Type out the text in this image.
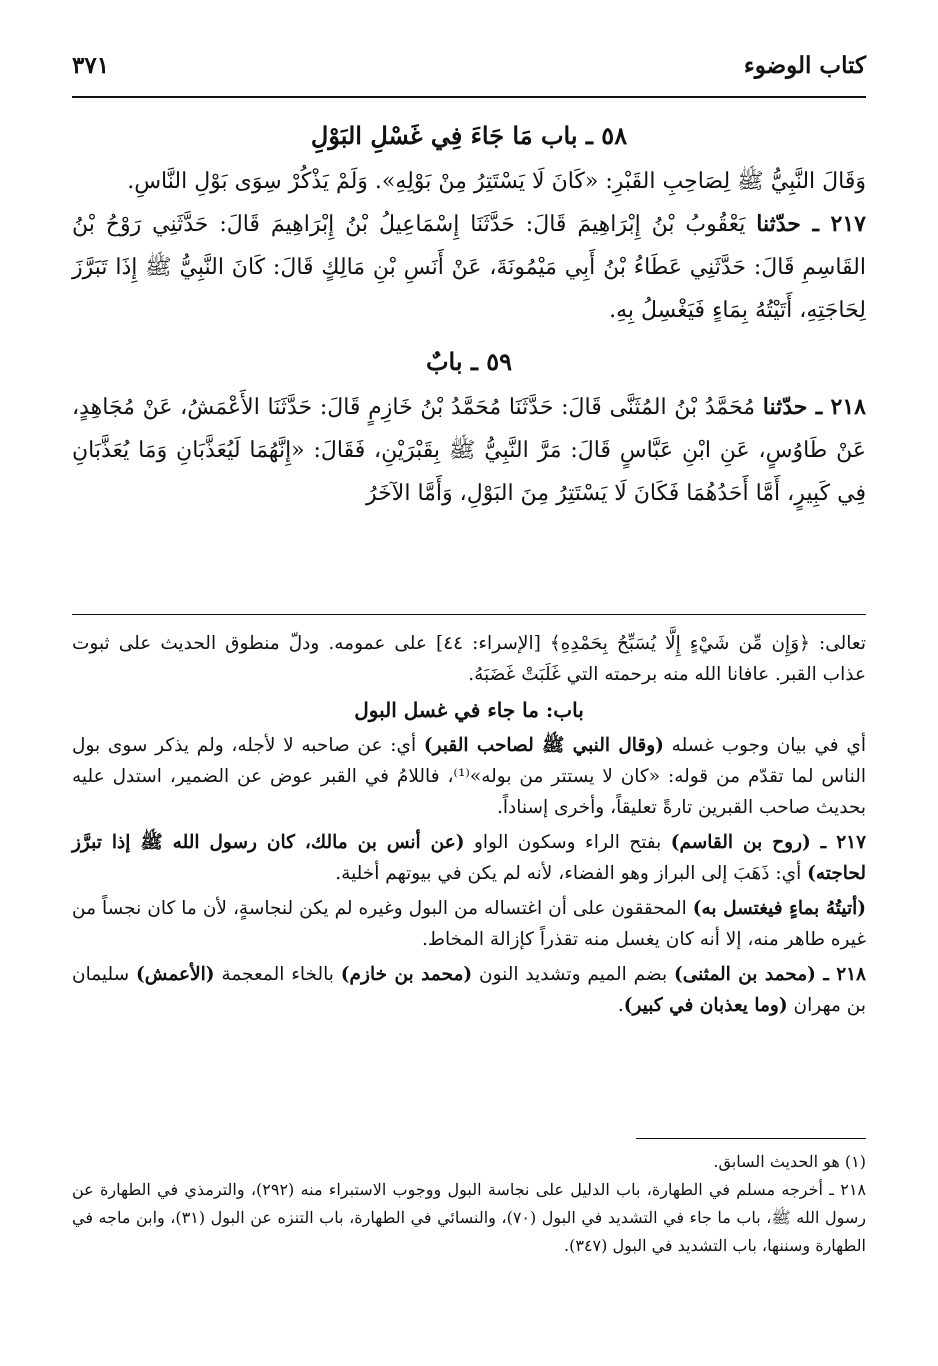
كتاب الوضوء
٣٧١
٥٨ ـ باب مَا جَاءَ فِي غَسْلِ البَوْلِ

وَقَالَ النَّبِيُّ ﷺ لِصَاحِبِ القَبْرِ: «كَانَ لَا يَسْتَتِرُ مِنْ بَوْلِهِ». وَلَمْ يَذْكُرْ سِوَى بَوْلِ النَّاسِ.

٢١٧ ـ حدّثنا يَعْقُوبُ بْنُ إِبْرَاهِيمَ قَالَ: حَدَّثَنَا إِسْمَاعِيلُ بْنُ إِبْرَاهِيمَ قَالَ: حَدَّثَنِي رَوْحُ بْنُ القَاسِمِ قَالَ: حَدَّثَنِي عَطَاءُ بْنُ أَبِي مَيْمُونَةَ، عَنْ أَنَسِ بْنِ مَالِكٍ قَالَ: كَانَ النَّبِيُّ ﷺ إِذَا تَبَرَّزَ لِحَاجَتِهِ، أَتَيْتُهُ بِمَاءٍ فَيَغْسِلُ بِهِ.

٥٩ ـ بابٌ

٢١٨ ـ حدّثنا مُحَمَّدُ بْنُ المُثَنَّى قَالَ: حَدَّثَنَا مُحَمَّدُ بْنُ خَازِمٍ قَالَ: حَدَّثَنَا الأَعْمَشُ، عَنْ مُجَاهِدٍ، عَنْ طَاوُسٍ، عَنِ ابْنِ عَبَّاسٍ قَالَ: مَرَّ النَّبِيُّ ﷺ بِقَبْرَيْنِ، فَقَالَ: «إِنَّهُمَا لَيُعَذَّبَانِ وَمَا يُعَذَّبَانِ فِي كَبِيرٍ، أَمَّا أَحَدُهُمَا فَكَانَ لَا يَسْتَتِرُ مِنَ البَوْلِ، وَأَمَّا الآخَرُ

تعالى: ﴿وَإِن مِّن شَيْءٍ إِلَّا يُسَبِّحُ بِحَمْدِهِ﴾ [الإسراء: ٤٤] على عمومه. ودلّ منطوق الحديث على ثبوت عذاب القبر. عافانا الله منه برحمته التي غَلَبَتْ غَضَبَهُ.

باب: ما جاء في غسل البول

أي في بيان وجوب غسله (وقال النبي ﷺ لصاحب القبر) أي: عن صاحبه لا لأجله، ولم يذكر سوى بول الناس لما تقدّم من قوله: «كان لا يستتر من بوله»⁽¹⁾، فاللامُ في القبر عوض عن الضمير، استدل عليه بحديث صاحب القبرين تارةً تعليقاً، وأخرى إسناداً.

٢١٧ ـ (روح بن القاسم) بفتح الراء وسكون الواو (عن أنس بن مالك، كان رسول الله ﷺ إذا تبرَّز لحاجته) أي: ذَهَبَ إلى البراز وهو الفضاء، لأنه لم يكن في بيوتهم أخلية.

(أتيتُهُ بماءٍ فيغتسل به) المحققون على أن اغتساله من البول وغيره لم يكن لنجاسةٍ، لأن ما كان نجساً من غيره طاهر منه، إلا أنه كان يغسل منه تقذراً كإزالة المخاط.

٢١٨ ـ (محمد بن المثنى) بضم الميم وتشديد النون (محمد بن خازم) بالخاء المعجمة (الأعمش) سليمان بن مهران (وما يعذبان في كبير).

(١) هو الحديث السابق.

٢١٨ ـ أخرجه مسلم في الطهارة، باب الدليل على نجاسة البول ووجوب الاستبراء منه (٢٩٢)، والترمذي في الطهارة عن رسول الله ﷺ، باب ما جاء في التشديد في البول (٧٠)، والنسائي في الطهارة، باب التنزه عن البول (٣١)، وابن ماجه في الطهارة وسننها، باب التشديد في البول (٣٤٧).
